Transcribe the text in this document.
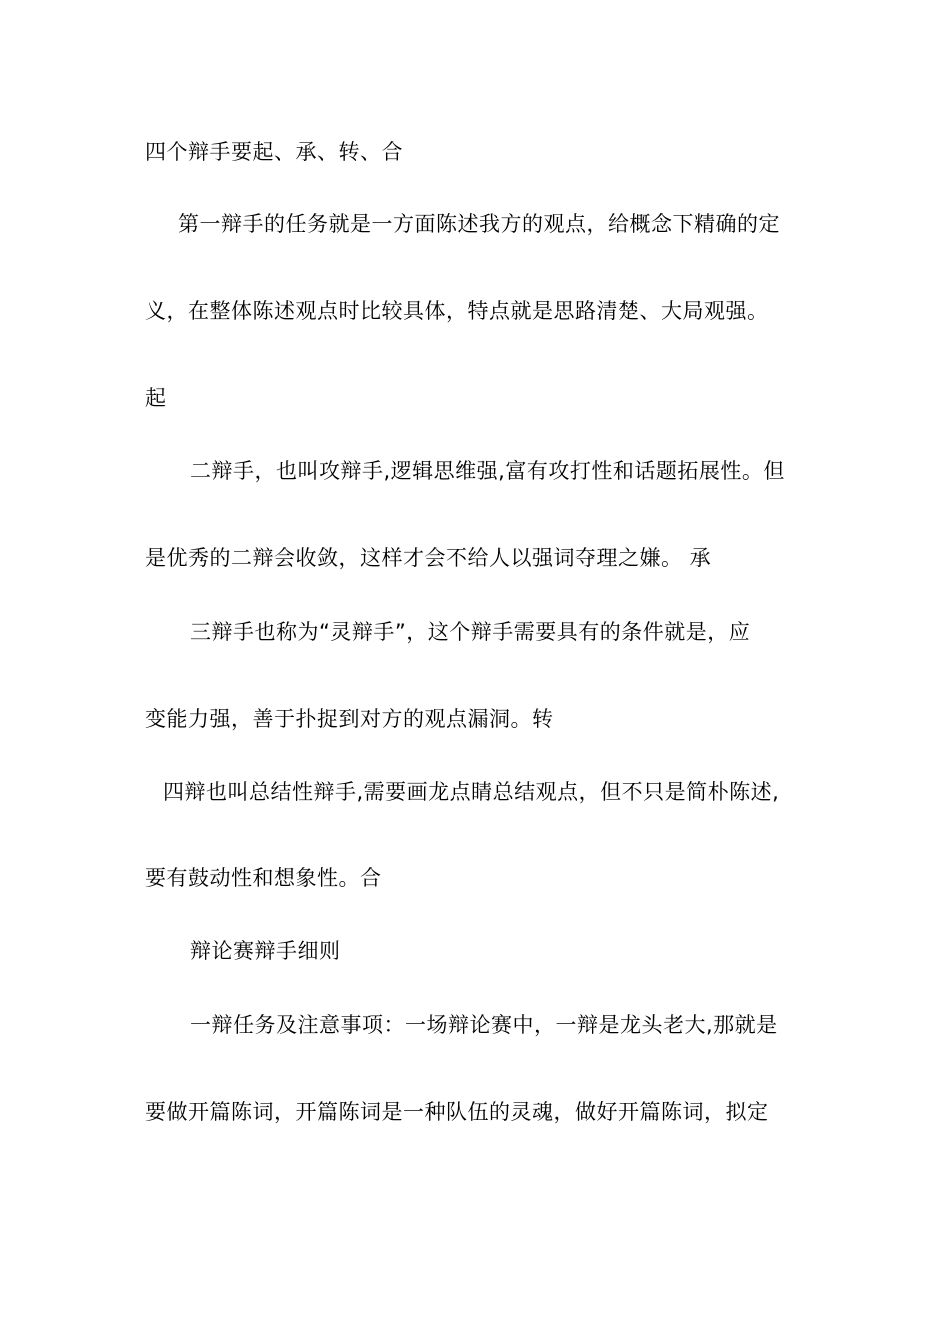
四个辩手要起、承、转、合
第一辩手的任务就是一方面陈述我方的观点，给概念下精确的定
义，在整体陈述观点时比较具体，特点就是思路清楚、大局观强。
起
二辩手，也叫攻辩手,逻辑思维强,富有攻打性和话题拓展性。但
是优秀的二辩会收敛，这样才会不给人以强词夺理之嫌。 承
三辩手也称为“灵辩手”，这个辩手需要具有的条件就是，应
变能力强，善于扑捉到对方的观点漏洞。转
四辩也叫总结性辩手,需要画龙点睛总结观点，但不只是简朴陈述,
要有鼓动性和想象性。合
辩论赛辩手细则
一辩任务及注意事项：一场辩论赛中，一辩是龙头老大,那就是
要做开篇陈词，开篇陈词是一种队伍的灵魂，做好开篇陈词，拟定
